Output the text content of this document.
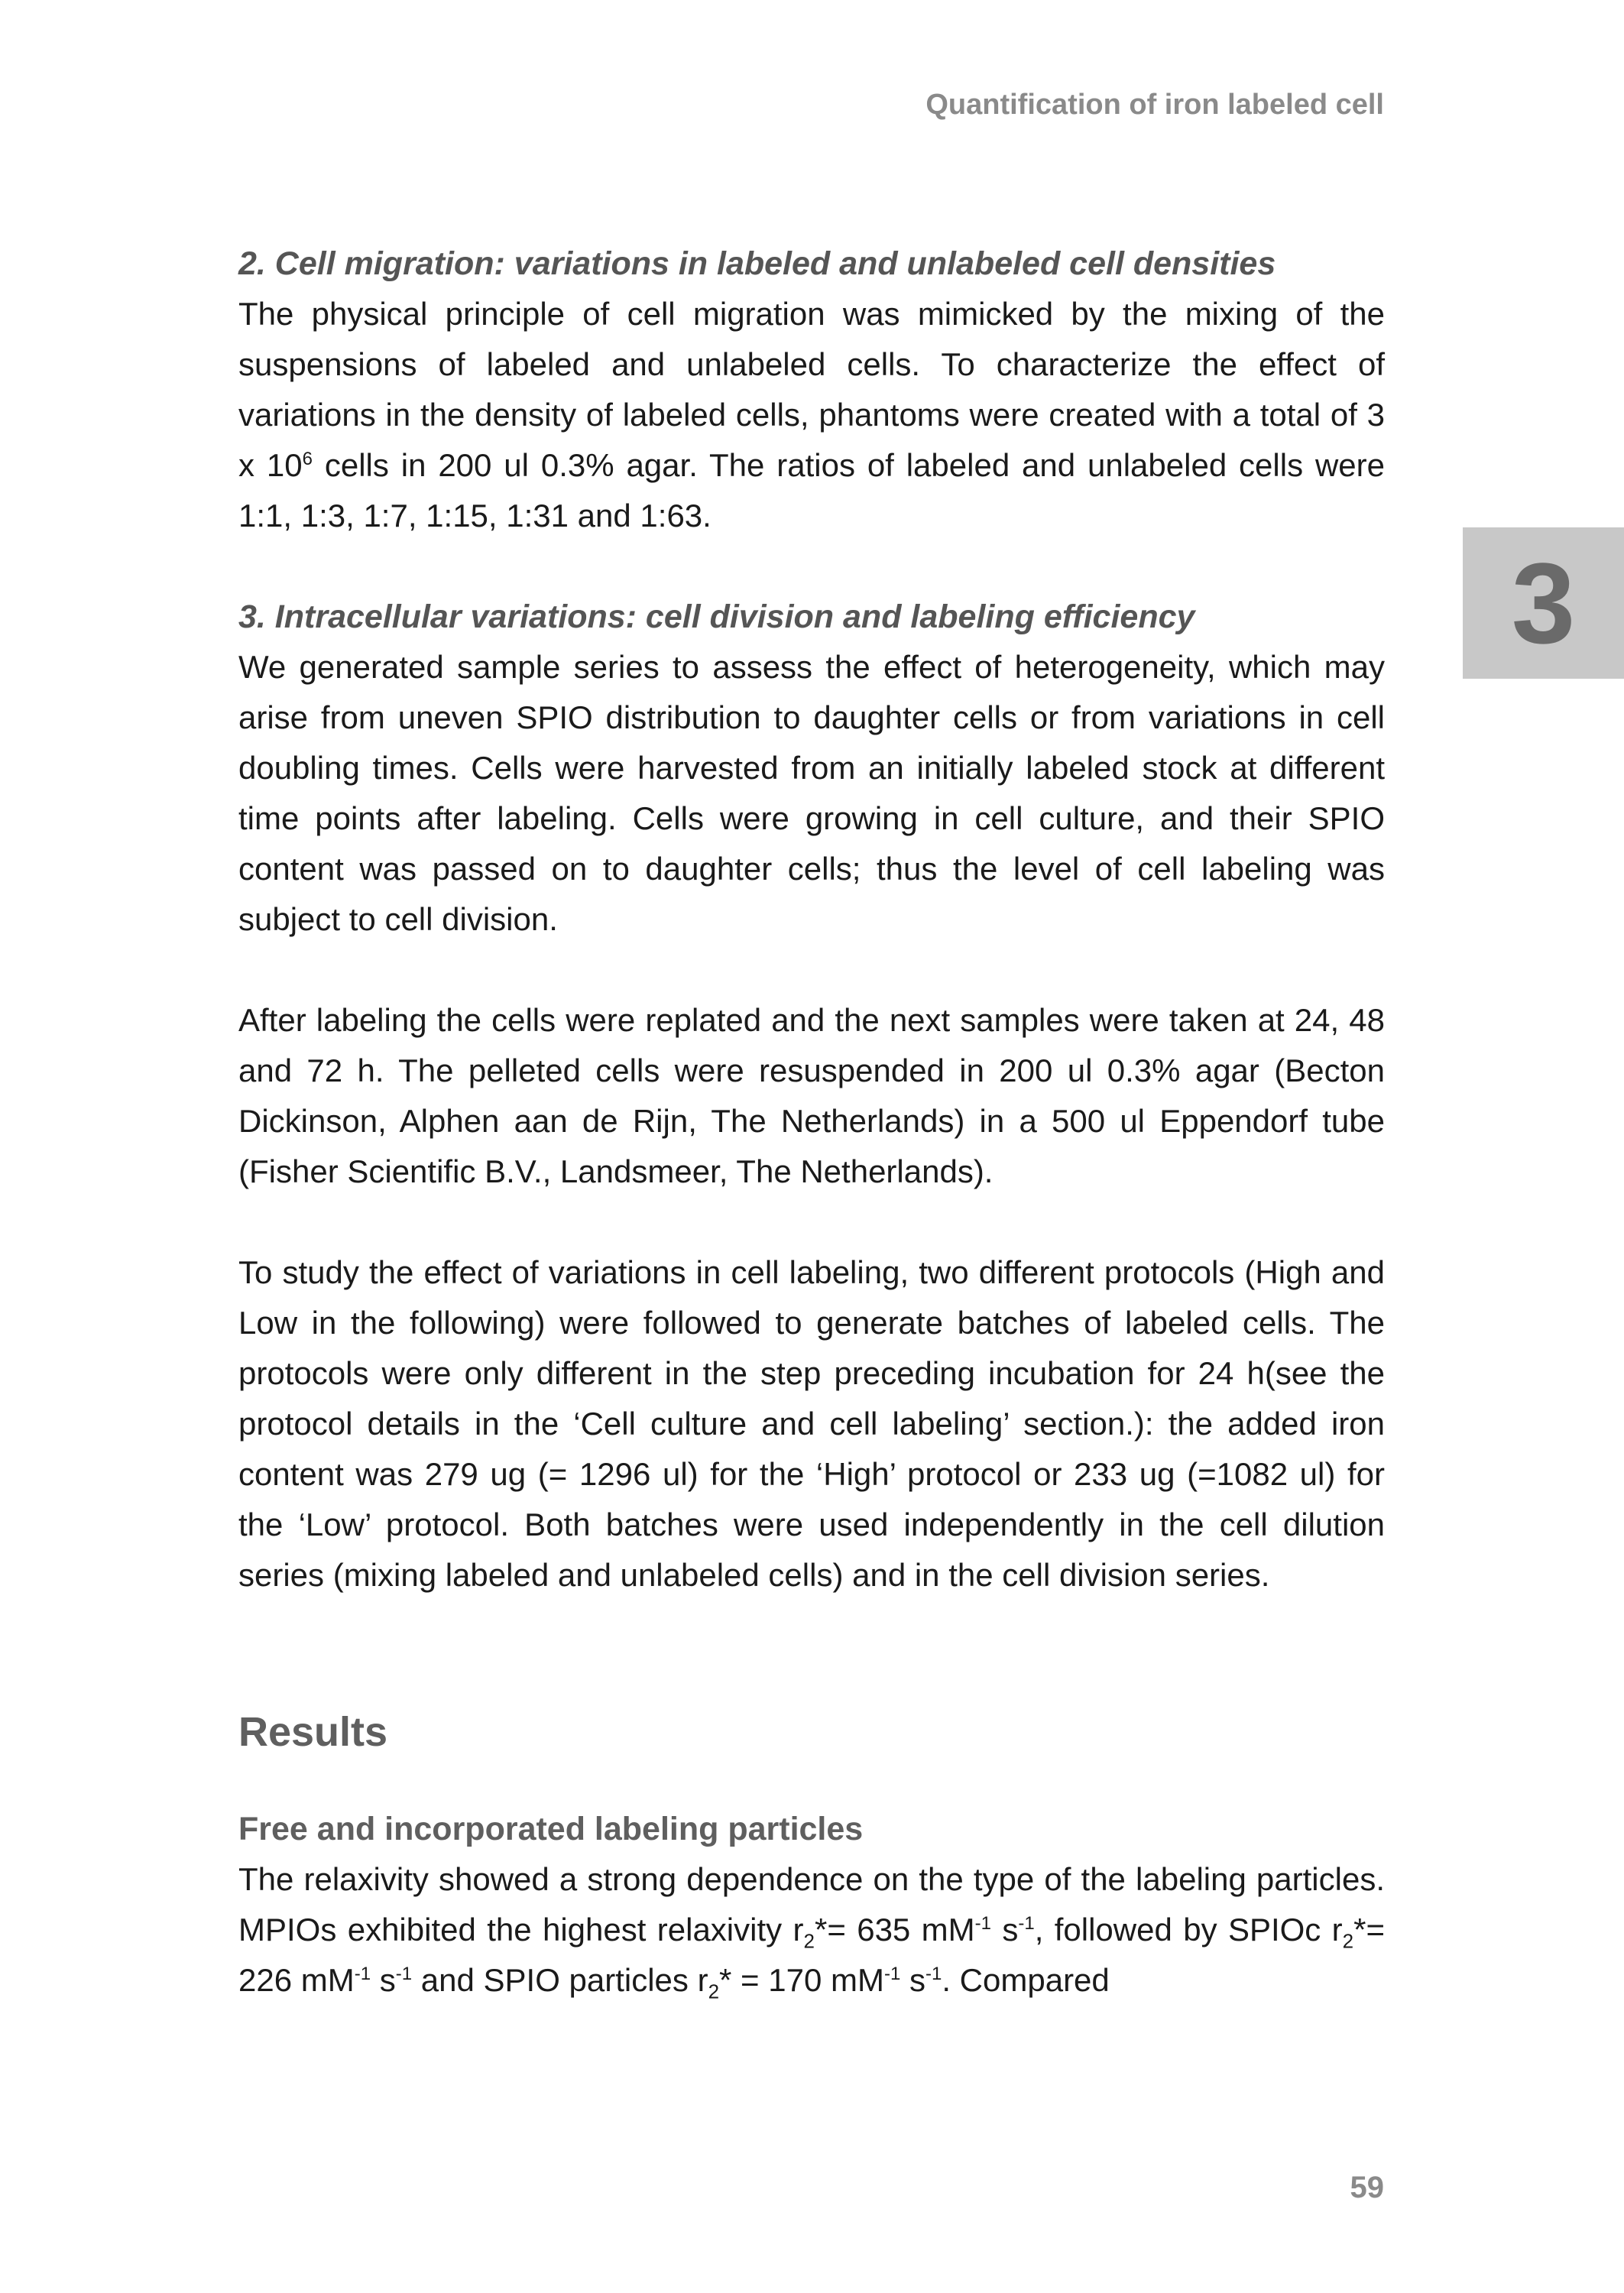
Quantification of iron labeled cell
3
2. Cell migration: variations in labeled and unlabeled cell densities

The physical principle of cell migration was mimicked by the mixing of the suspensions of labeled and unlabeled cells. To characterize the effect of variations in the density of labeled cells, phantoms were created with a total of 3 x $10^6$ cells in 200 ul 0.3% agar. The ratios of labeled and unlabeled cells were 1:1, 1:3, 1:7, 1:15, 1:31 and 1:63.

3. Intracellular variations: cell division and labeling efficiency

We generated sample series to assess the effect of heterogeneity, which may arise from uneven SPIO distribution to daughter cells or from variations in cell doubling times. Cells were harvested from an initially labeled stock at different time points after labeling. Cells were growing in cell culture, and their SPIO content was passed on to daughter cells; thus the level of cell labeling was subject to cell division.

After labeling the cells were replated and the next samples were taken at 24, 48 and 72 h. The pelleted cells were resuspended in 200 ul 0.3% agar (Becton Dickinson, Alphen aan de Rijn, The Netherlands) in a 500 ul Eppendorf tube (Fisher Scientific B.V., Landsmeer, The Netherlands).

To study the effect of variations in cell labeling, two different protocols (High and Low in the following) were followed to generate batches of labeled cells. The protocols were only different in the step preceding incubation for 24 h(see the protocol details in the ‘Cell culture and cell labeling’ section.): the added iron content was 279 ug (= 1296 ul) for the ‘High’ protocol or 233 ug (=1082 ul) for the ‘Low’ protocol. Both batches were used independently in the cell dilution series (mixing labeled and unlabeled cells) and in the cell division series.

Results
Free and incorporated labeling particles

The relaxivity showed a strong dependence on the type of the labeling particles. MPIOs exhibited the highest relaxivity $r_2*= 635$ $mM^{-1}$ $s^{-1}$, followed by SPIOc $r_2*= 226$ $mM^{-1}$ $s^{-1}$ and SPIO particles $r_2* = 170$ $mM^{-1}$ $s^{-1}$. Compared

59
